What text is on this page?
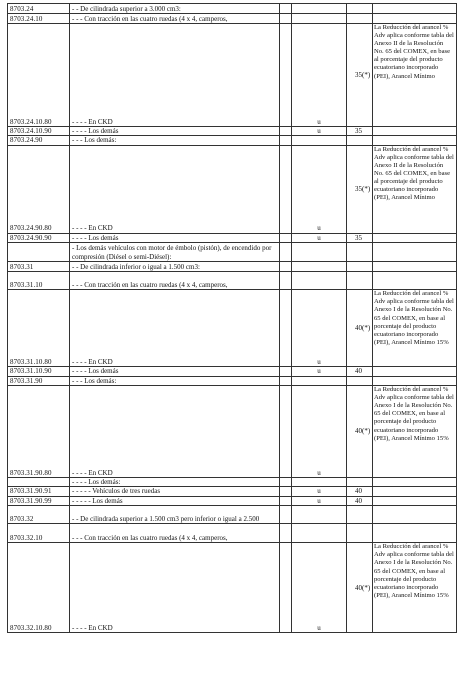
8703.24	- - De cilindrada superior a 3.000 cm3:				
8703.24.10	- - - Con tracción en las cuatro ruedas (4 x 4, camperos,				
8703.24.10.80	- - - - En CKD		u	35(*)	La Reducción del arancel % Adv aplica conforme tabla del Anexo II de la Resolución No. 65 del COMEX, en base al porcentaje del producto ecuatoriano incorporado (PEI), Arancel Mínimo
8703.24.10.90	- - - - Los demás		u	35	
8703.24.90	- - - Los demás:				
8703.24.90.80	- - - - En CKD		u	35(*)	La Reducción del arancel % Adv aplica conforme tabla del Anexo II de la Resolución No. 65 del COMEX, en base al porcentaje del producto ecuatoriano incorporado (PEI), Arancel Mínimo
8703.24.90.90	- - - - Los demás		u	35	
	- Los demás vehículos con motor de émbolo (pistón), de encendido por compresión (Diésel o semi-Diésel):				
8703.31	- - De cilindrada inferior o igual a 1.500 cm3:				
8703.31.10	- - - Con tracción en las cuatro ruedas (4 x 4, camperos,				
8703.31.10.80	- - - - En CKD		u	40(*)	La Reducción del arancel % Adv aplica conforme tabla del Anexo I de la Resolución No. 65 del COMEX, en base al porcentaje del producto ecuatoriano incorporado (PEI), Arancel Mínimo 15%
8703.31.10.90	- - - - Los demás		u	40	
8703.31.90	- - - Los demás:				
8703.31.90.80	- - - - En CKD		u	40(*)	La Reducción del arancel % Adv aplica conforme tabla del Anexo I de la Resolución No. 65 del COMEX, en base al porcentaje del producto ecuatoriano incorporado (PEI), Arancel Mínimo 15%
	- - - - Los demás:				
8703.31.90.91	- - - - - Vehículos de tres ruedas		u	40	
8703.31.90.99	- - - - - Los demás		u	40	
8703.32	- - De cilindrada superior a 1.500 cm3 pero inferior o igual a 2.500				
8703.32.10	- - - Con tracción en las cuatro ruedas (4 x 4, camperos,				
8703.32.10.80	- - - - En CKD		u	40(*)	La Reducción del arancel % Adv aplica conforme tabla del Anexo I de la Resolución No. 65 del COMEX, en base al porcentaje del producto ecuatoriano incorporado (PEI), Arancel Mínimo 15%
